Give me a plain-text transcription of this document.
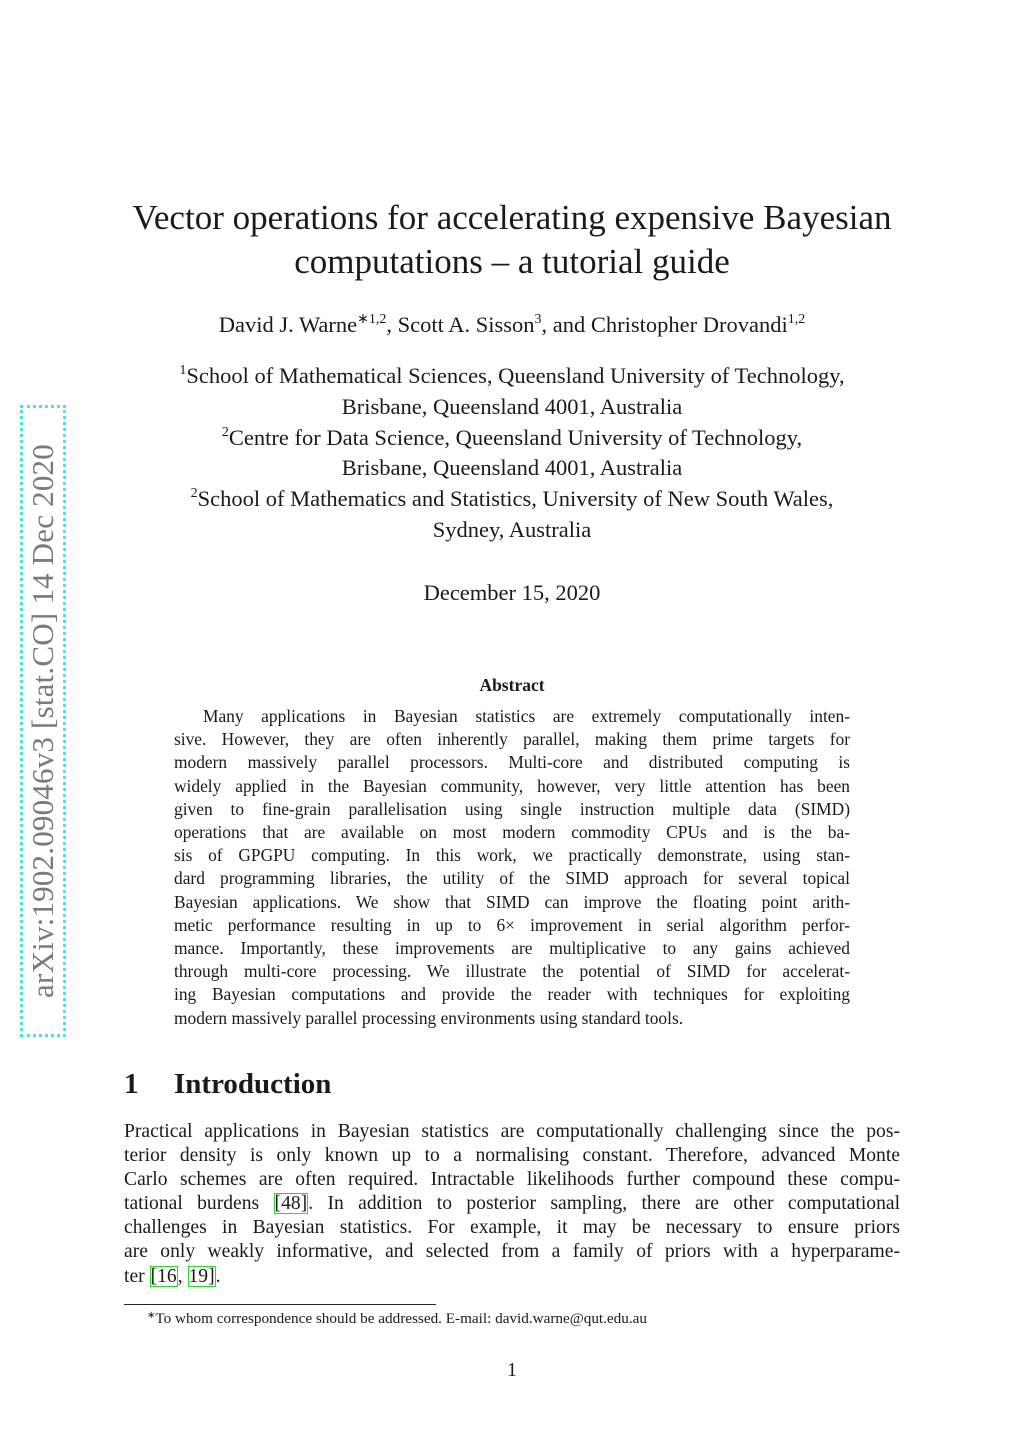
arXiv:1902.09046v3 [stat.CO] 14 Dec 2020
Vector operations for accelerating expensive Bayesian
computations – a tutorial guide
David J. Warne$^{∗1,2}$, Scott A. Sisson$^3$, and Christopher Drovandi$^{1,2}$
$^1$School of Mathematical Sciences, Queensland University of Technology,
Brisbane, Queensland 4001, Australia
$^2$Centre for Data Science, Queensland University of Technology,
Brisbane, Queensland 4001, Australia
$^2$School of Mathematics and Statistics, University of New South Wales,
Sydney, Australia
December 15, 2020
Abstract
Many applications in Bayesian statistics are extremely computationally inten-
sive. However, they are often inherently parallel, making them prime targets for
modern massively parallel processors. Multi-core and distributed computing is
widely applied in the Bayesian community, however, very little attention has been
given to fine-grain parallelisation using single instruction multiple data (SIMD)
operations that are available on most modern commodity CPUs and is the ba-
sis of GPGPU computing. In this work, we practically demonstrate, using stan-
dard programming libraries, the utility of the SIMD approach for several topical
Bayesian applications. We show that SIMD can improve the floating point arith-
metic performance resulting in up to 6× improvement in serial algorithm perfor-
mance. Importantly, these improvements are multiplicative to any gains achieved
through multi-core processing. We illustrate the potential of SIMD for accelerat-
ing Bayesian computations and provide the reader with techniques for exploiting
modern massively parallel processing environments using standard tools.
1 Introduction
Practical applications in Bayesian statistics are computationally challenging since the pos-
terior density is only known up to a normalising constant. Therefore, advanced Monte
Carlo schemes are often required. Intractable likelihoods further compound these compu-
tational burdens [48]. In addition to posterior sampling, there are other computational
challenges in Bayesian statistics. For example, it may be necessary to ensure priors
are only weakly informative, and selected from a family of priors with a hyperparame-
ter [16, 19].
∗To whom correspondence should be addressed. E-mail: david.warne@qut.edu.au
1
